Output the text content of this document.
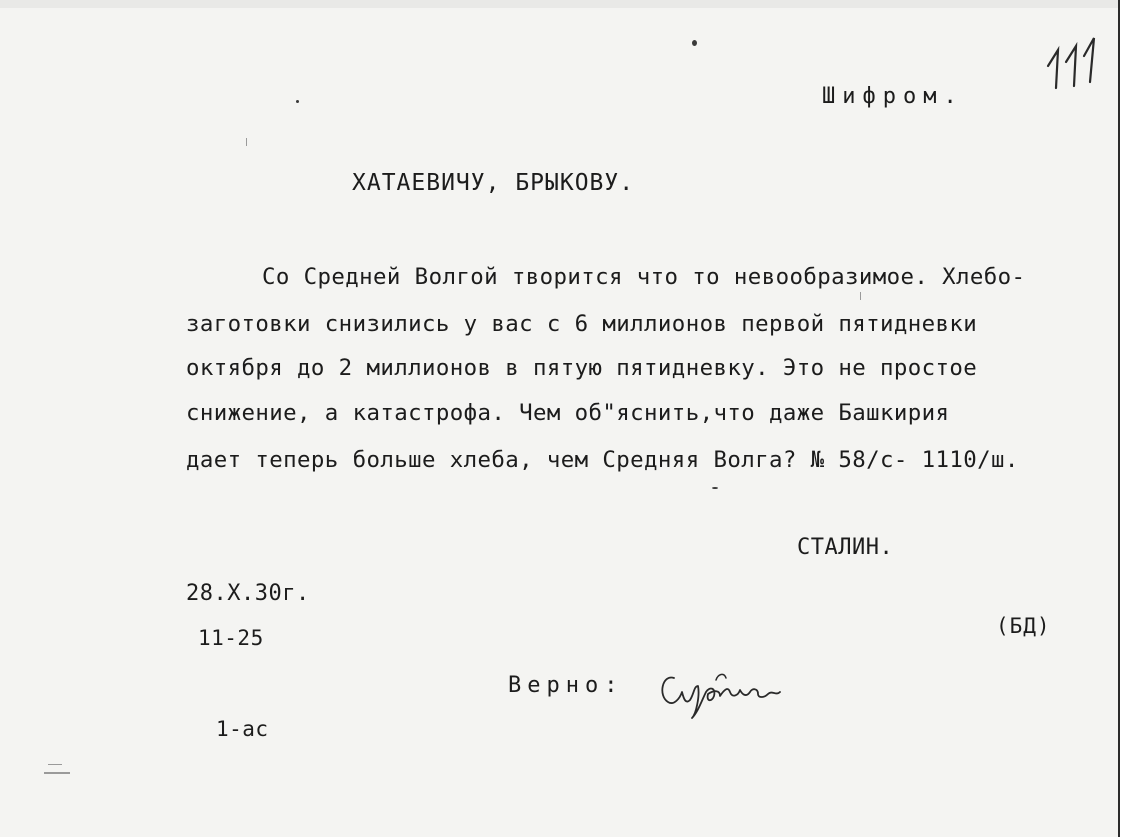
Шифром.
ХАТАЕВИЧУ, БРЫКОВУ.
Со Средней Волгой творится что то невообразимое. Хлебо-
заготовки снизились у вас с 6 миллионов первой пятидневки
октября до 2 миллионов в пятую пятидневку. Это не простое
снижение, а катастрофа. Чем об"яснить,что даже Башкирия
дает теперь больше хлеба, чем Средняя Волга? № 58/с- 1110/ш.
СТАЛИН.
28.Х.30г.
11-25	(БД)
Верно:
1-ас
